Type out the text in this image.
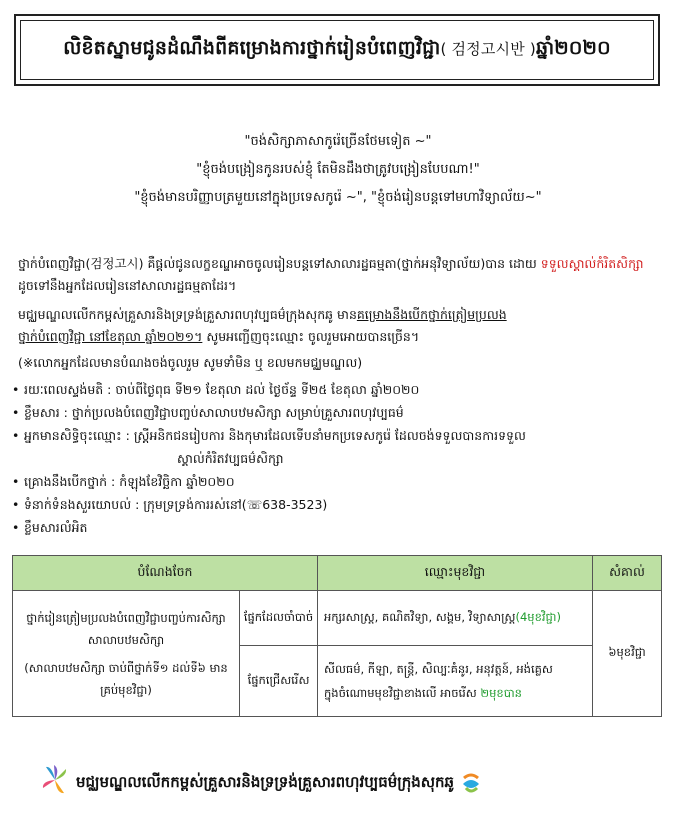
លិខិតស្នាមជូនដំណឹងពីគម្រោងការថ្នាក់រៀនបំពេញវិជ្ជា( 검정고시반 )ឆ្នាំ២០២០
"ចង់សិក្សាភាសាកូរ៉េច្រើនថែមទៀត ~"
"ខ្ញុំចង់បង្រៀនកូនរបស់ខ្ញុំ តែមិនដឹងថាត្រូវបង្រៀនបែបណា!"
"ខ្ញុំចង់មានបរិញ្ញាបត្រមួយនៅក្នុងប្រទេសកូរ៉េ ~", "ខ្ញុំចង់រៀនបន្តទៅមហាវិទ្យាល័យ~"
ថ្នាក់បំពេញវិជ្ជា(검정고시) គឺផ្តល់ជូនលក្ខខណ្ឌអាចចូលរៀនបន្តទៅសាលារដ្ឋធម្មតា(ថ្នាក់អនុវិទ្យាល័យ)បាន ដោយ ទទួលស្គាល់កំរិតសិក្សាដូចទៅនឹងអ្នកដែលរៀននៅសាលារដ្ឋធម្មតាដែរ។
មជ្ឈមណ្ឌលលើកកម្ពស់គ្រួសារនិងទ្រទ្រង់គ្រួសារពហុវប្បធម៌ក្រុងសុកឆូ មានគម្រោងនឹងបើកថ្នាក់ត្រៀមប្រលង
ថ្នាក់បំពេញវិជ្ជា នៅខែតុលា ឆ្នាំ២០២១។ សូមអញ្ជើញចុះឈ្មោះ ចូលរួមអោយបានច្រើន។
(※លោកអ្នកដែលមានបំណងចង់ចូលរួម សូមទាំមិន ឬ ខលមកមជ្ឈមណ្ឌល)
• រយៈពេលស្ទង់មតិ : ចាប់ពីថ្ងៃពុធ ទី២១ ខែតុលា ដល់ ថ្ងៃច័ន្ទ ទី២៥ ខែតុលា ឆ្នាំ២០២០
• ខ្លឹមសារ : ថ្នាក់ប្រលងបំពេញវិជ្ជាបញ្ចប់សាលាបឋមសិក្សា សម្រាប់គ្រួសារពហុវប្បធម៌
• អ្នកមានសិទ្ធិចុះឈ្មោះ : ស្ត្រីអនិកជនរៀបការ និងកុមារដែលទើបនាំមកប្រទេសកូរ៉េ ដែលចង់ទទួលបានការទទួល
ស្គាល់កំរិតវប្បធម៌សិក្សា
• គ្រោងនឹងបើកថ្នាក់ : កំឡុងខែវិច្ឆិកា ឆ្នាំ២០២០
• ទំនាក់ទំនងសួរយោបល់ : ក្រុមទ្រទ្រង់ការរស់នៅ(☏638-3523)
• ខ្លឹមសារលំអិត
បំណែងចែក		ឈ្មោះមុខវិជ្ជា	សំគាល់

ថ្នាក់រៀនត្រៀមប្រលងបំពេញវិជ្ជាបញ្ចប់ការសិក្សាសាលាបឋមសិក្សា
(សាលាបឋមសិក្សា ចាប់ពីថ្នាក់ទី១ ដល់ទី៦ មានគ្រប់មុខវិជ្ជា)	ផ្នែកដែលចាំបាច់	អក្សរសាស្ត្រ, គណិតវិទ្យា, សង្គម, វិទ្យាសាស្ត្រ(4មុខវិជ្ជា)	៦មុខវិជ្ជា
	ផ្នែកជ្រើសរើស	សីលធម៌, កីឡា, តន្ត្រី, សិល្បៈគំនូរ, អនុវត្តន៍, អង់គ្លេស
ក្នុងចំណោមមុខវិជ្ជាខាងលើ អាចរើស ២មុខបាន	
មជ្ឈមណ្ឌលលើកកម្ពស់គ្រួសារនិងទ្រទ្រង់គ្រួសារពហុវប្បធម៌ក្រុងសុកឆូ
